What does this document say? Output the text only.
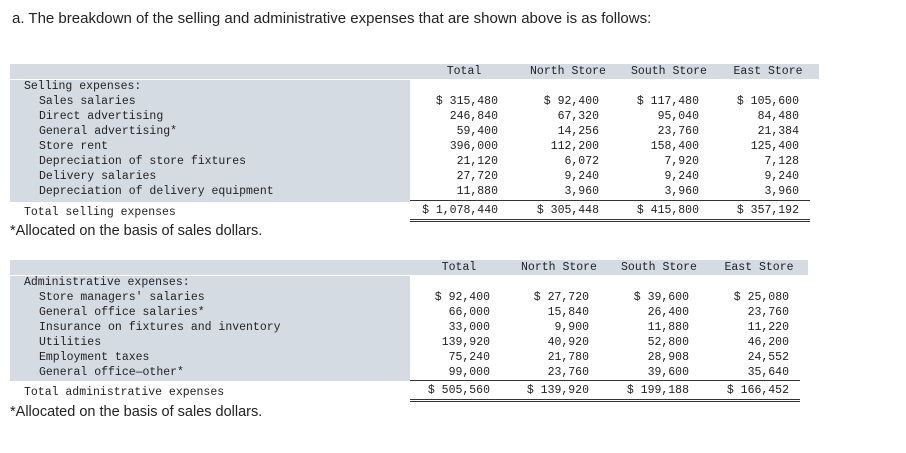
a. The breakdown of the selling and administrative expenses that are shown above is as follows:
Total	North Store	South Store	East Store
Selling expenses:
Sales salaries	$ 315,480	$ 92,400	$ 117,480	$ 105,600
Direct advertising	246,840	67,320	95,040	84,480
General advertising*	59,400	14,256	23,760	21,384
Store rent	396,000	112,200	158,400	125,400
Depreciation of store fixtures	21,120	6,072	7,920	7,128
Delivery salaries	27,720	9,240	9,240	9,240
Depreciation of delivery equipment	11,880	3,960	3,960	3,960
Total selling expenses	$ 1,078,440	$ 305,448	$ 415,800	$ 357,192
*Allocated on the basis of sales dollars.
Total	North Store	South Store	East Store
Administrative expenses:
Store managers' salaries	$ 92,400	$ 27,720	$ 39,600	$ 25,080
General office salaries*	66,000	15,840	26,400	23,760
Insurance on fixtures and inventory	33,000	9,900	11,880	11,220
Utilities	139,920	40,920	52,800	46,200
Employment taxes	75,240	21,780	28,908	24,552
General office—other*	99,000	23,760	39,600	35,640
Total administrative expenses	$ 505,560	$ 139,920	$ 199,188	$ 166,452
*Allocated on the basis of sales dollars.
